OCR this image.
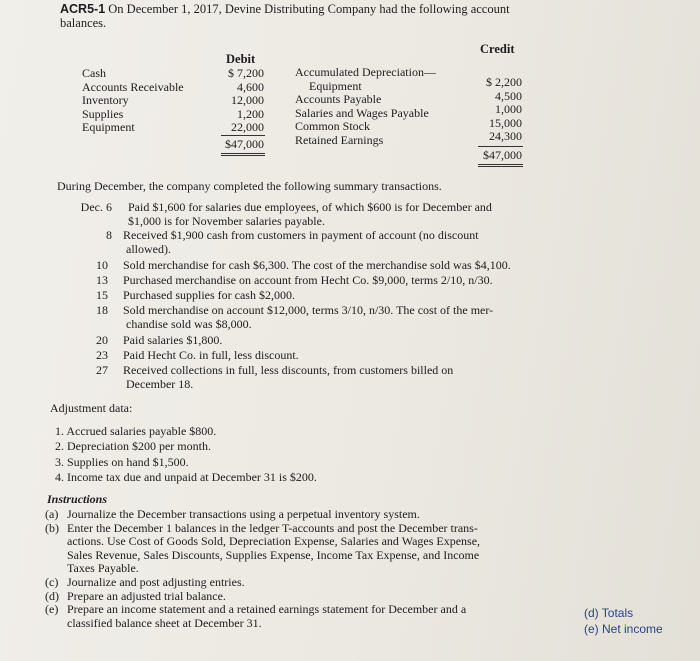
ACR5-1 On December 1, 2017, Devine Distributing Company had the following account
balances.
Debit
Credit
Cash
Accounts Receivable
Inventory
Supplies
Equipment
$ 7,200
4,600
12,000
1,200
22,000
$47,000
Accumulated Depreciation—
Equipment
Accounts Payable
Salaries and Wages Payable
Common Stock
Retained Earnings
$ 2,200
4,500
1,000
15,000
24,300
$47,000
During December, the company completed the following summary transactions.
Dec. 6 Paid $1,600 for salaries due employees, of which $600 is for December and
$1,000 is for November salaries payable.
8 Received $1,900 cash from customers in payment of account (no discount
allowed).
10 Sold merchandise for cash $6,300. The cost of the merchandise sold was $4,100.
13 Purchased merchandise on account from Hecht Co. $9,000, terms 2/10, n/30.
15 Purchased supplies for cash $2,000.
18 Sold merchandise on account $12,000, terms 3/10, n/30. The cost of the mer-
chandise sold was $8,000.
20 Paid salaries $1,800.
23 Paid Hecht Co. in full, less discount.
27 Received collections in full, less discounts, from customers billed on
December 18.
Adjustment data:
1. Accrued salaries payable $800.
2. Depreciation $200 per month.
3. Supplies on hand $1,500.
4. Income tax due and unpaid at December 31 is $200.
Instructions
(a) Journalize the December transactions using a perpetual inventory system.
(b) Enter the December 1 balances in the ledger T-accounts and post the December trans-
actions. Use Cost of Goods Sold, Depreciation Expense, Salaries and Wages Expense,
Sales Revenue, Sales Discounts, Supplies Expense, Income Tax Expense, and Income
Taxes Payable.
(c) Journalize and post adjusting entries.
(d) Prepare an adjusted trial balance.
(e) Prepare an income statement and a retained earnings statement for December and a
classified balance sheet at December 31.
(d) Totals
(e) Net income
